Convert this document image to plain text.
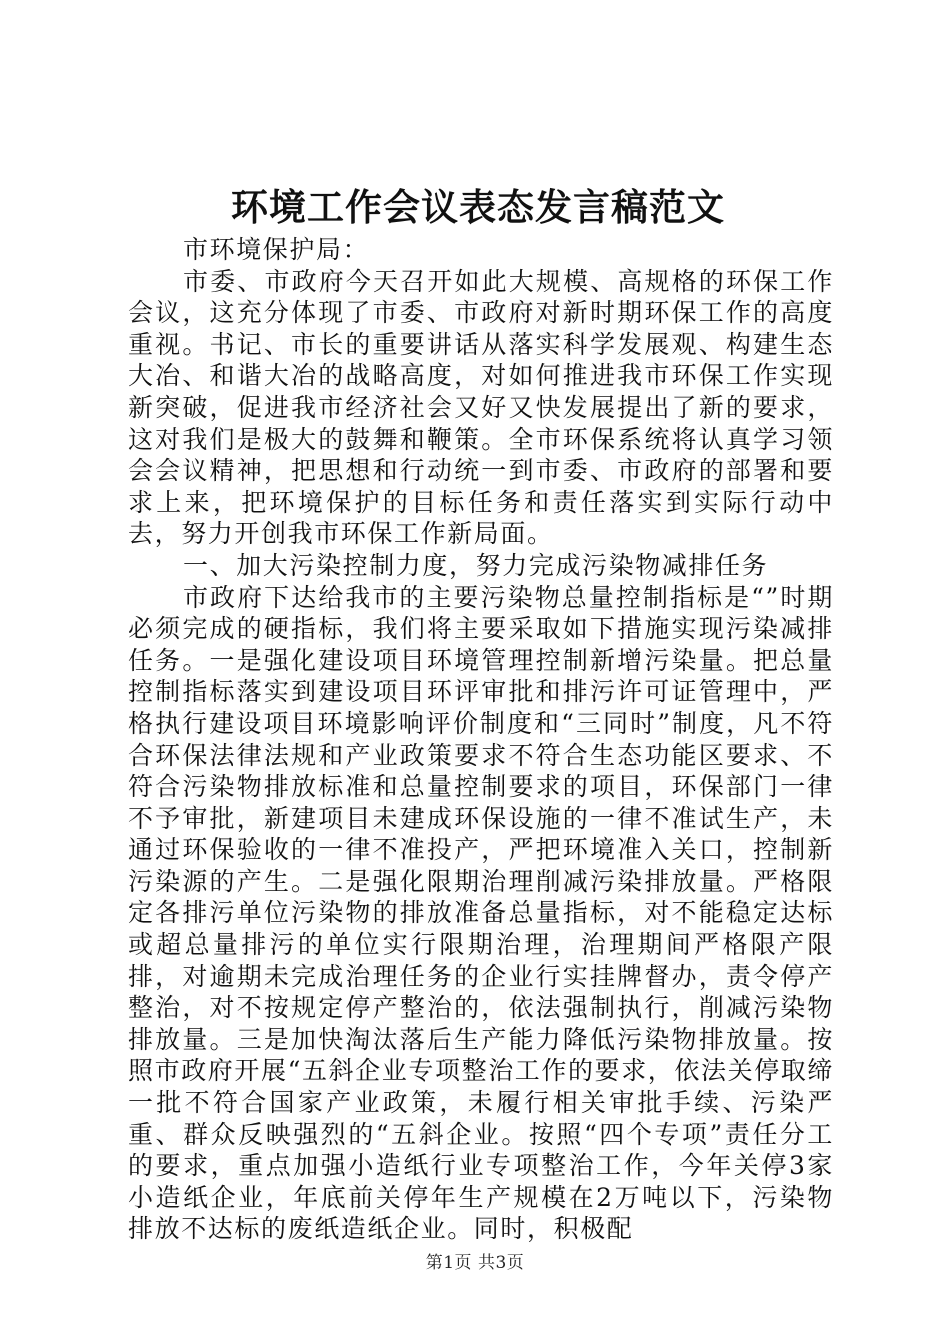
环境工作会议表态发言稿范文

市环境保护局：

市委、市政府今天召开如此大规模、高规格的环保工作会议，这充分体现了市委、市政府对新时期环保工作的高度重视。书记、市长的重要讲话从落实科学发展观、构建生态大冶、和谐大冶的战略高度，对如何推进我市环保工作实现新突破，促进我市经济社会又好又快发展提出了新的要求，这对我们是极大的鼓舞和鞭策。全市环保系统将认真学习领会会议精神，把思想和行动统一到市委、市政府的部署和要求上来，把环境保护的目标任务和责任落实到实际行动中去，努力开创我市环保工作新局面。

一、加大污染控制力度，努力完成污染物减排任务

市政府下达给我市的主要污染物总量控制指标是“”时期必须完成的硬指标，我们将主要采取如下措施实现污染减排任务。一是强化建设项目环境管理控制新增污染量。把总量控制指标落实到建设项目环评审批和排污许可证管理中，严格执行建设项目环境影响评价制度和“三同时”制度，凡不符合环保法律法规和产业政策要求不符合生态功能区要求、不符合污染物排放标准和总量控制要求的项目，环保部门一律不予审批，新建项目未建成环保设施的一律不准试生产，未通过环保验收的一律不准投产，严把环境准入关口，控制新污染源的产生。二是强化限期治理削减污染排放量。严格限定各排污单位污染物的排放准备总量指标，对不能稳定达标或超总量排污的单位实行限期治理，治理期间严格限产限排，对逾期未完成治理任务的企业行实挂牌督办，责令停产整治，对不按规定停产整治的，依法强制执行，削减污染物排放量。三是加快淘汰落后生产能力降低污染物排放量。按照市政府开展“五斜企业专项整治工作的要求，依法关停取缔一批不符合国家产业政策，未履行相关审批手续、污染严重、群众反映强烈的“五斜企业。按照“四个专项”责任分工的要求，重点加强小造纸行业专项整治工作，今年关停3家小造纸企业，年底前关停年生产规模在2万吨以下，污染物排放不达标的废纸造纸企业。同时，积极配

第1页 共3页
